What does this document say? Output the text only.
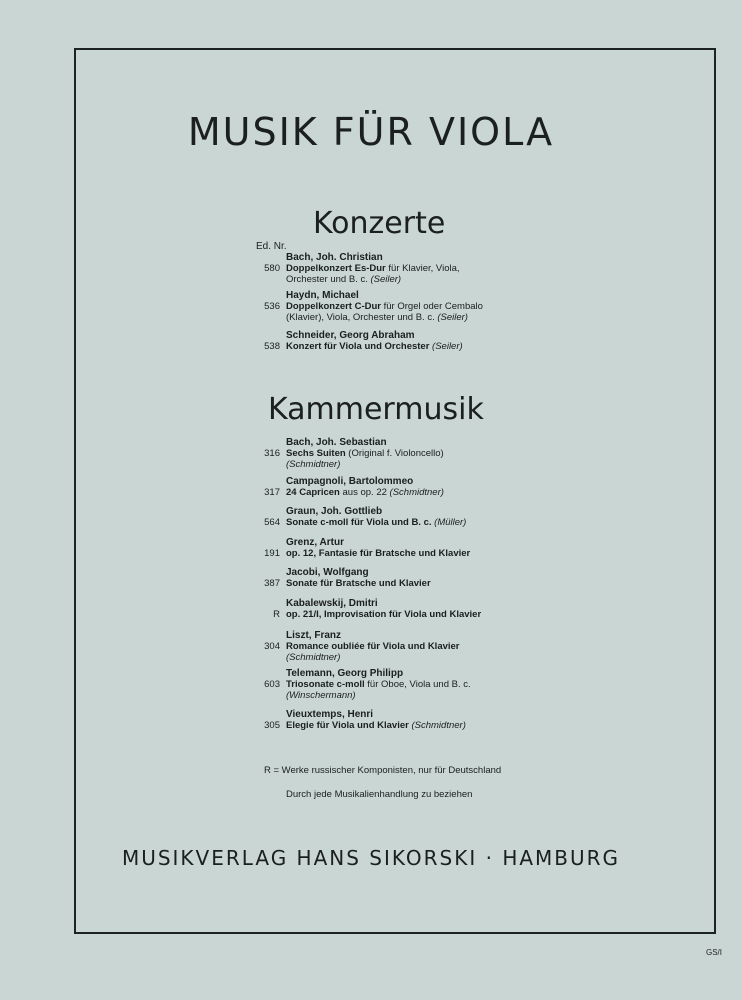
MUSIK FÜR VIOLA
Konzerte
Ed. Nr.
Bach, Joh. Christian
580 Doppelkonzert Es-Dur für Klavier, Viola,
Orchester und B. c. (Seiler)
Haydn, Michael
536 Doppelkonzert C-Dur für Orgel oder Cembalo
(Klavier), Viola, Orchester und B. c. (Seiler)
Schneider, Georg Abraham
538 Konzert für Viola und Orchester (Seiler)
Kammermusik
Bach, Joh. Sebastian
316 Sechs Suiten (Original f. Violoncello)
(Schmidtner)
Campagnoli, Bartolommeo
317 24 Capricen aus op. 22 (Schmidtner)
Graun, Joh. Gottlieb
564 Sonate c-moll für Viola und B. c. (Müller)
Grenz, Artur
191 op. 12, Fantasie für Bratsche und Klavier
Jacobi, Wolfgang
387 Sonate für Bratsche und Klavier
Kabalewskij, Dmitri
R op. 21/I, Improvisation für Viola und Klavier
Liszt, Franz
304 Romance oubliée für Viola und Klavier
(Schmidtner)
Telemann, Georg Philipp
603 Triosonate c-moll für Oboe, Viola und B. c.
(Winschermann)
Vieuxtemps, Henri
305 Elegie für Viola und Klavier (Schmidtner)
R = Werke russischer Komponisten, nur für Deutschland
Durch jede Musikalienhandlung zu beziehen
MUSIKVERLAG HANS SIKORSKI · HAMBURG
GS/I
